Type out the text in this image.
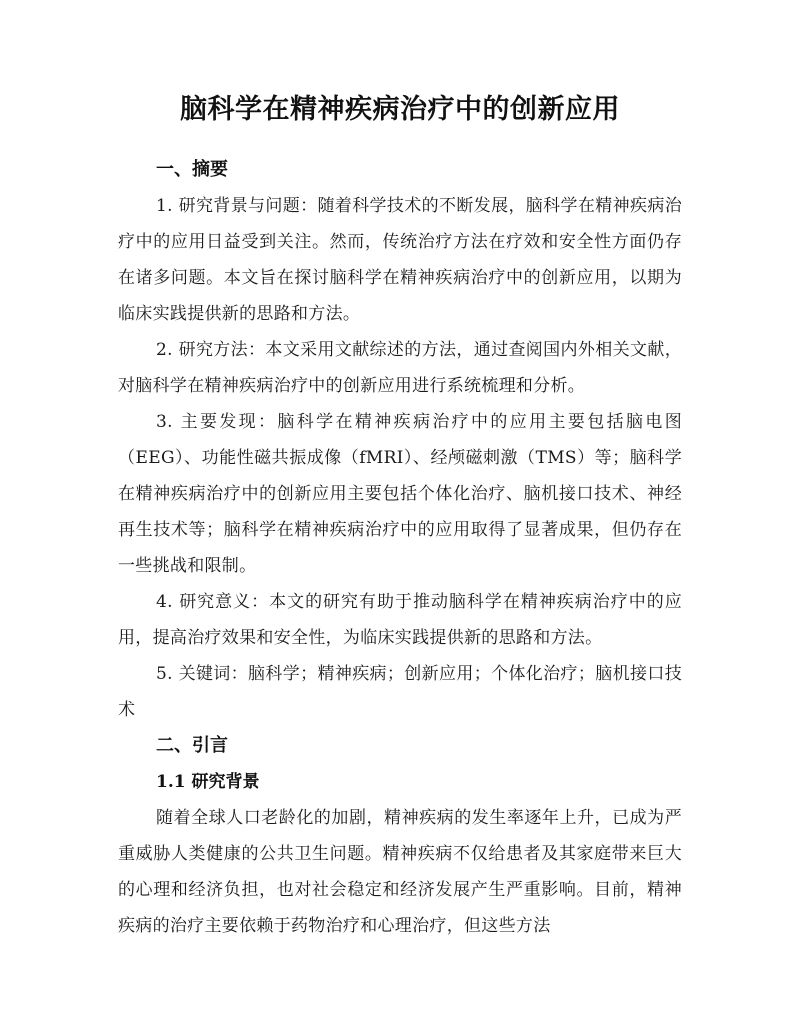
脑科学在精神疾病治疗中的创新应用
一、摘要

1. 研究背景与问题：随着科学技术的不断发展，脑科学在精神疾病治疗中的应用日益受到关注。然而，传统治疗方法在疗效和安全性方面仍存在诸多问题。本文旨在探讨脑科学在精神疾病治疗中的创新应用，以期为临床实践提供新的思路和方法。

2. 研究方法：本文采用文献综述的方法，通过查阅国内外相关文献，对脑科学在精神疾病治疗中的创新应用进行系统梳理和分析。

3. 主要发现：脑科学在精神疾病治疗中的应用主要包括脑电图（EEG）、功能性磁共振成像（fMRI）、经颅磁刺激（TMS）等；脑科学在精神疾病治疗中的创新应用主要包括个体化治疗、脑机接口技术、神经再生技术等；脑科学在精神疾病治疗中的应用取得了显著成果，但仍存在一些挑战和限制。

4. 研究意义：本文的研究有助于推动脑科学在精神疾病治疗中的应用，提高治疗效果和安全性，为临床实践提供新的思路和方法。

5. 关键词：脑科学；精神疾病；创新应用；个体化治疗；脑机接口技术

二、引言
1.1 研究背景

随着全球人口老龄化的加剧，精神疾病的发生率逐年上升，已成为严重威胁人类健康的公共卫生问题。精神疾病不仅给患者及其家庭带来巨大的心理和经济负担，也对社会稳定和经济发展产生严重影响。目前，精神疾病的治疗主要依赖于药物治疗和心理治疗，但这些方法
